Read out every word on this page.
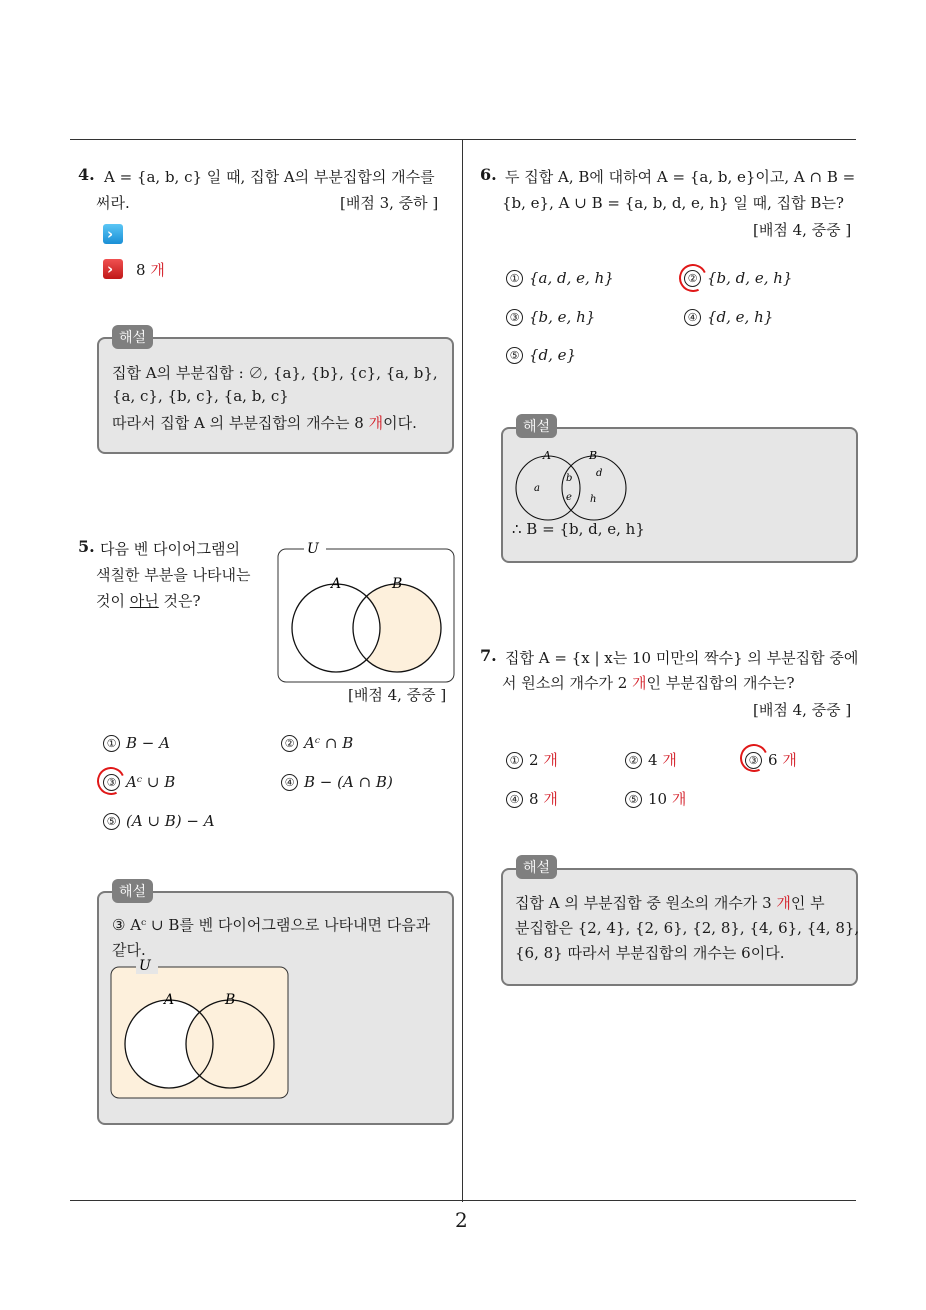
4. A = {a, b, c} 일 때, 집합 A의 부분집합의 개수를
써라.	[배점 3, 중하 ]
›
› 8 개
해설
집합 A의 부분집합 : ∅, {a}, {b}, {c}, {a, b},
{a, c}, {b, c}, {a, b, c}
따라서 집합 A 의 부분집합의 개수는 8 개이다.
5. 다음 벤 다이어그램의
색칠한 부분을 나타내는
것이 아닌 것은?
U
A	B
[배점 4, 중중 ]
① B − A	② Aᶜ ∩ B
③ Aᶜ ∪ B	④ B − (A ∩ B)
⑤ (A ∪ B) − A
해설
③ Aᶜ ∪ B를 벤 다이어그램으로 나타내면 다음과
같다.
U
A	B
6. 두 집합 A, B에 대하여 A = {a, b, e}이고, A ∩ B =
{b, e}, A ∪ B = {a, b, d, e, h} 일 때, 집합 B는?
[배점 4, 중중 ]
① {a, d, e, h}	② {b, d, e, h}
③ {b, e, h}	④ {d, e, h}
⑤ {d, e}
해설
A	B
a
b
e
d
h
∴ B = {b, d, e, h}
7. 집합 A = {x | x는 10 미만의 짝수} 의 부분집합 중에
서 원소의 개수가 2 개인 부분집합의 개수는?
[배점 4, 중중 ]
① 2 개	② 4 개	③ 6 개
④ 8 개	⑤ 10 개
해설
집합 A 의 부분집합 중 원소의 개수가 3 개인 부
분집합은 {2, 4}, {2, 6}, {2, 8}, {4, 6}, {4, 8},
{6, 8} 따라서 부분집합의 개수는 6이다.
2
